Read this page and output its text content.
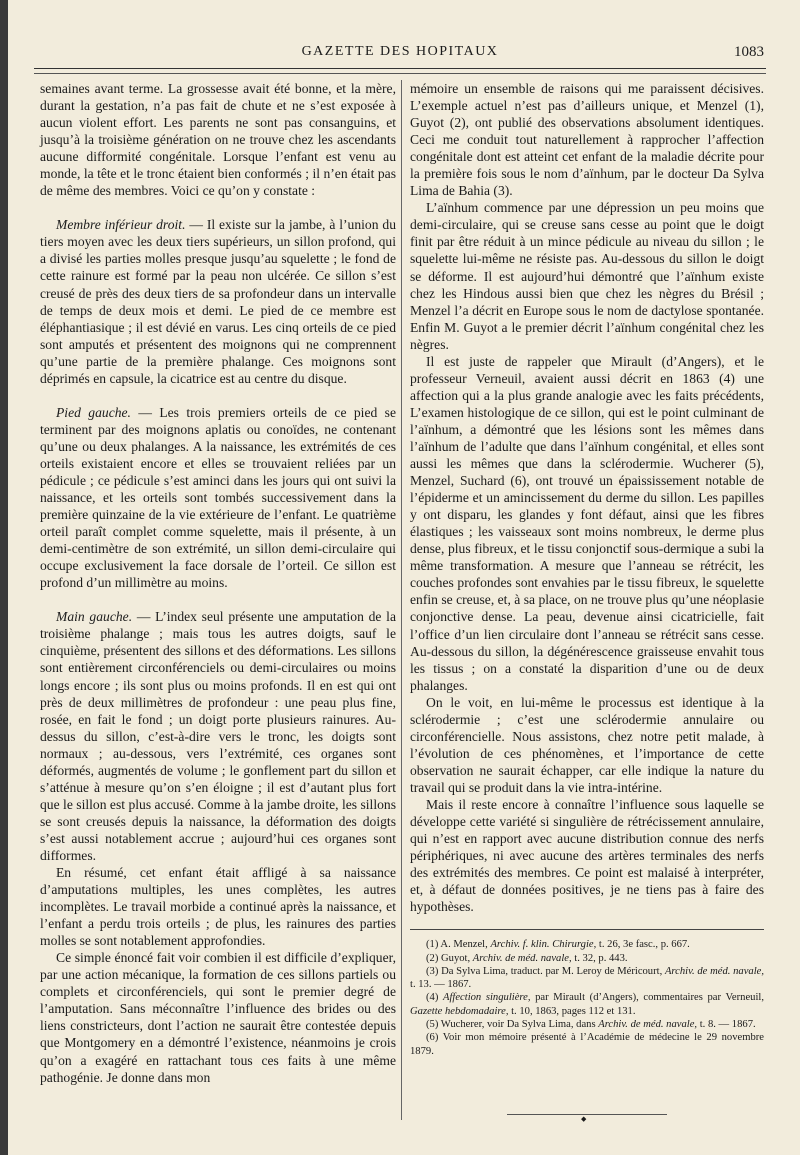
GAZETTE DES HOPITAUX	1083

semaines avant terme. La grossesse avait été bonne, et la mère, durant la gestation, n’a pas fait de chute et ne s’est exposée à aucun violent effort. Les parents ne sont pas consanguins, et jusqu’à la troisième génération on ne trouve chez les ascendants aucune difformité congénitale. Lorsque l’enfant est venu au monde, la tête et le tronc étaient bien conformés ; il n’en était pas de même des membres. Voici ce qu’on y constate :

Membre inférieur droit. — Il existe sur la jambe, à l’union du tiers moyen avec les deux tiers supérieurs, un sillon profond, qui a divisé les parties molles presque jusqu’au squelette ; le fond de cette rainure est formé par la peau non ulcérée. Ce sillon s’est creusé de près des deux tiers de sa profondeur dans un intervalle de temps de deux mois et demi. Le pied de ce membre est éléphantiasique ; il est dévié en varus. Les cinq orteils de ce pied sont amputés et présentent des moignons qui ne comprennent qu’une partie de la première phalange. Ces moignons sont déprimés en capsule, la cicatrice est au centre du disque.

Pied gauche. — Les trois premiers orteils de ce pied se terminent par des moignons aplatis ou conoïdes, ne contenant qu’une ou deux phalanges. A la naissance, les extrémités de ces orteils existaient encore et elles se trouvaient reliées par un pédicule ; ce pédicule s’est aminci dans les jours qui ont suivi la naissance, et les orteils sont tombés successivement dans la première quinzaine de la vie extérieure de l’enfant. Le quatrième orteil paraît complet comme squelette, mais il présente, à un demi-centimètre de son extrémité, un sillon demi-circulaire qui occupe exclusivement la face dorsale de l’orteil. Ce sillon est profond d’un millimètre au moins.

Main gauche. — L’index seul présente une amputation de la troisième phalange ; mais tous les autres doigts, sauf le cinquième, présentent des sillons et des déformations. Les sillons sont entièrement circonférenciels ou demi-circulaires ou moins longs encore ; ils sont plus ou moins profonds. Il en est qui ont près de deux millimètres de profondeur : une peau plus fine, rosée, en fait le fond ; un doigt porte plusieurs rainures. Au-dessus du sillon, c’est-à-dire vers le tronc, les doigts sont normaux ; au-dessous, vers l’extrémité, ces organes sont déformés, augmentés de volume ; le gonflement part du sillon et s’atténue à mesure qu’on s’en éloigne ; il est d’autant plus fort que le sillon est plus accusé. Comme à la jambe droite, les sillons se sont creusés depuis la naissance, la déformation des doigts s’est aussi notablement accrue ; aujourd’hui ces organes sont difformes.

En résumé, cet enfant était affligé à sa naissance d’amputations multiples, les unes complètes, les autres incomplètes. Le travail morbide a continué après la naissance, et l’enfant a perdu trois orteils ; de plus, les rainures des parties molles se sont notablement approfondies.

Ce simple énoncé fait voir combien il est difficile d’expliquer, par une action mécanique, la formation de ces sillons partiels ou complets et circonférenciels, qui sont le premier degré de l’amputation. Sans méconnaître l’influence des brides ou des liens constricteurs, dont l’action ne saurait être contestée depuis que Montgomery en a démontré l’existence, néanmoins je crois qu’on a exagéré en rattachant tous ces faits à une même pathogénie. Je donne dans mon

mémoire un ensemble de raisons qui me paraissent décisives. L’exemple actuel n’est pas d’ailleurs unique, et Menzel (1), Guyot (2), ont publié des observations absolument identiques. Ceci me conduit tout naturellement à rapprocher l’affection congénitale dont est atteint cet enfant de la maladie décrite pour la première fois sous le nom d’aïnhum, par le docteur Da Sylva Lima de Bahia (3).

L’aïnhum commence par une dépression un peu moins que demi-circulaire, qui se creuse sans cesse au point que le doigt finit par être réduit à un mince pédicule au niveau du sillon ; le squelette lui-même ne résiste pas. Au-dessous du sillon le doigt se déforme. Il est aujourd’hui démontré que l’aïnhum existe chez les Hindous aussi bien que chez les nègres du Brésil ; Menzel l’a décrit en Europe sous le nom de dactylose spontanée. Enfin M. Guyot a le premier décrit l’aïnhum congénital chez les nègres.

Il est juste de rappeler que Mirault (d’Angers), et le professeur Verneuil, avaient aussi décrit en 1863 (4) une affection qui a la plus grande analogie avec les faits précédents, L’examen histologique de ce sillon, qui est le point culminant de l’aïnhum, a démontré que les lésions sont les mêmes dans l’aïnhum de l’adulte que dans l’aïnhum congénital, et elles sont aussi les mêmes que dans la sclérodermie. Wucherer (5), Menzel, Suchard (6), ont trouvé un épaississement notable de l’épiderme et un amincissement du derme du sillon. Les papilles y ont disparu, les glandes y font défaut, ainsi que les fibres élastiques ; les vaisseaux sont moins nombreux, le derme plus dense, plus fibreux, et le tissu conjonctif sous-dermique a subi la même transformation. A mesure que l’anneau se rétrécit, les couches profondes sont envahies par le tissu fibreux, le squelette enfin se creuse, et, à sa place, on ne trouve plus qu’une néoplasie conjonctive dense. La peau, devenue ainsi cicatricielle, fait l’office d’un lien circulaire dont l’anneau se rétrécit sans cesse. Au-dessous du sillon, la dégénérescence graisseuse envahit tous les tissus ; on a constaté la disparition d’une ou de deux phalanges.

On le voit, en lui-même le processus est identique à la sclérodermie ; c’est une sclérodermie annulaire ou circonférencielle. Nous assistons, chez notre petit malade, à l’évolution de ces phénomènes, et l’importance de cette observation ne saurait échapper, car elle indique la nature du travail qui se produit dans la vie intra-intérine.

Mais il reste encore à connaître l’influence sous laquelle se développe cette variété si singulière de rétrécissement annulaire, qui n’est en rapport avec aucune distribution connue des nerfs périphériques, ni avec aucune des artères terminales des nerfs des extrémités des membres. Ce point est malaisé à interpréter, et, à défaut de données positives, je ne tiens pas à faire des hypothèses.

(1) A. Menzel, Archiv. f. klin. Chirurgie, t. 26, 3e fasc., p. 667.

(2) Guyot, Archiv. de méd. navale, t. 32, p. 443.

(3) Da Sylva Lima, traduct. par M. Leroy de Méricourt, Archiv. de méd. navale, t. 13. — 1867.

(4) Affection singulière, par Mirault (d’Angers), commentaires par Verneuil, Gazette hebdomadaire, t. 10, 1863, pages 112 et 131.

(5) Wucherer, voir Da Sylva Lima, dans Archiv. de méd. navale, t. 8. — 1867.

(6) Voir mon mémoire présenté à l’Académie de médecine le 29 novembre 1879.

◆
